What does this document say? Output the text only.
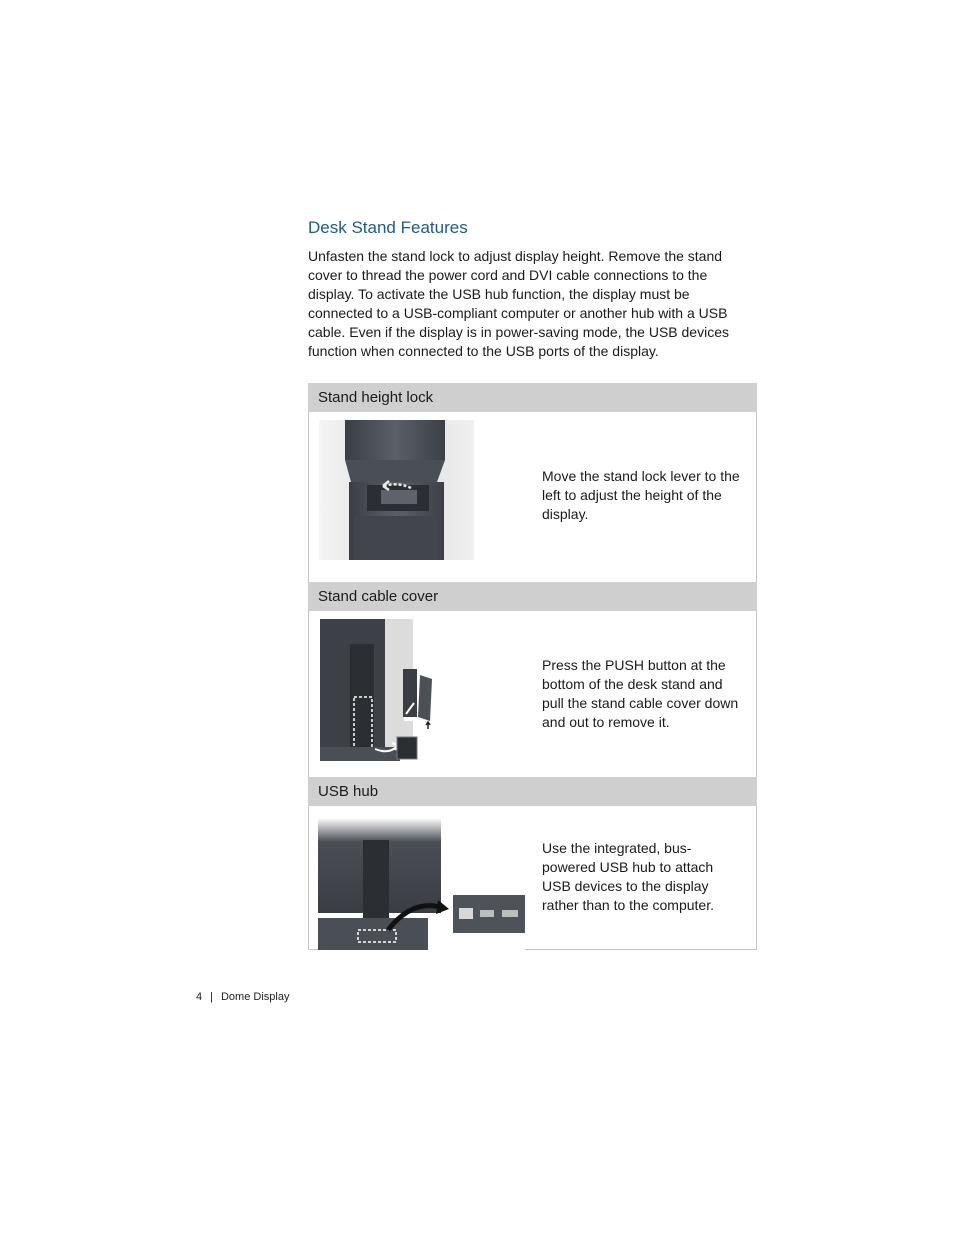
Desk Stand Features

Unfasten the stand lock to adjust display height. Remove the stand cover to thread the power cord and DVI cable connections to the display. To activate the USB hub function, the display must be connected to a USB-compliant computer or another hub with a USB cable. Even if the display is in power-saving mode, the USB devices function when connected to the USB ports of the display.

Stand height lock

Move the stand lock lever to the left to adjust the height of the display.

Stand cable cover

Press the PUSH button at the bottom of the desk stand and pull the stand cable cover down and out to remove it.

USB hub

Use the integrated, bus-powered USB hub to attach USB devices to the display rather than to the computer.

4 | Dome Display
